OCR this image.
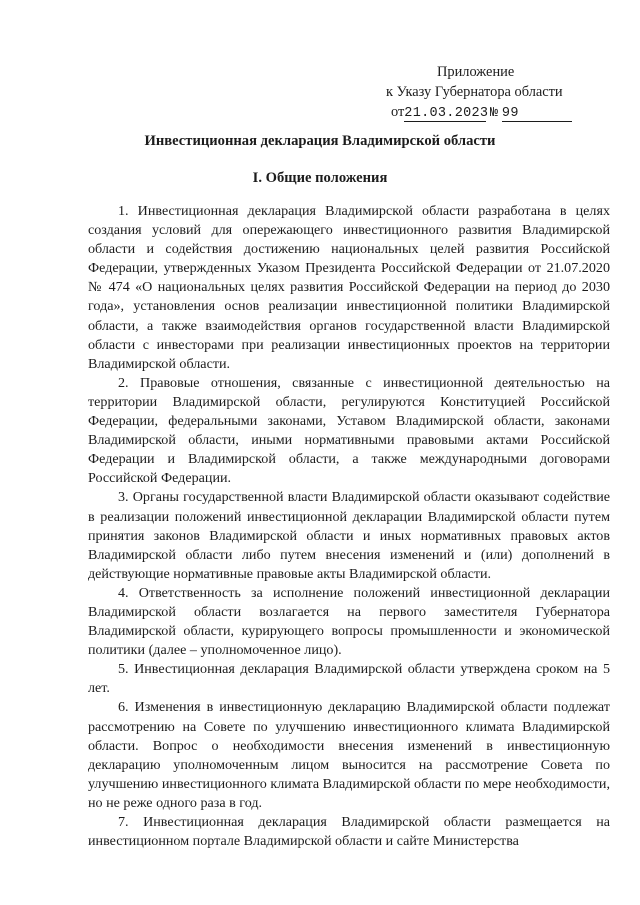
Приложение
к Указу Губернатора области
от21.03.2023 № 99
Инвестиционная декларация Владимирской области
I. Общие положения

1. Инвестиционная декларация Владимирской области разработана в целях создания условий для опережающего инвестиционного развития Владимирской области и содействия достижению национальных целей развития Российской Федерации, утвержденных Указом Президента Российской Федерации от 21.07.2020 № 474 «О национальных целях развития Российской Федерации на период до 2030 года», установления основ реализации инвестиционной политики Владимирской области, а также взаимодействия органов государственной власти Владимирской области с инвесторами при реализации инвестиционных проектов на территории Владимирской области.

2. Правовые отношения, связанные с инвестиционной деятельностью на территории Владимирской области, регулируются Конституцией Российской Федерации, федеральными законами, Уставом Владимирской области, законами Владимирской области, иными нормативными правовыми актами Российской Федерации и Владимирской области, а также международными договорами Российской Федерации.

3. Органы государственной власти Владимирской области оказывают содействие в реализации положений инвестиционной декларации Владимирской области путем принятия законов Владимирской области и иных нормативных правовых актов Владимирской области либо путем внесения изменений и (или) дополнений в действующие нормативные правовые акты Владимирской области.

4. Ответственность за исполнение положений инвестиционной декларации Владимирской области возлагается на первого заместителя Губернатора Владимирской области, курирующего вопросы промышленности и экономической политики (далее – уполномоченное лицо).

5. Инвестиционная декларация Владимирской области утверждена сроком на 5 лет.

6. Изменения в инвестиционную декларацию Владимирской области подлежат рассмотрению на Совете по улучшению инвестиционного климата Владимирской области. Вопрос о необходимости внесения изменений в инвестиционную декларацию уполномоченным лицом выносится на рассмотрение Совета по улучшению инвестиционного климата Владимирской области по мере необходимости, но не реже одного раза в год.

7. Инвестиционная декларация Владимирской области размещается на инвестиционном портале Владимирской области и сайте Министерства
